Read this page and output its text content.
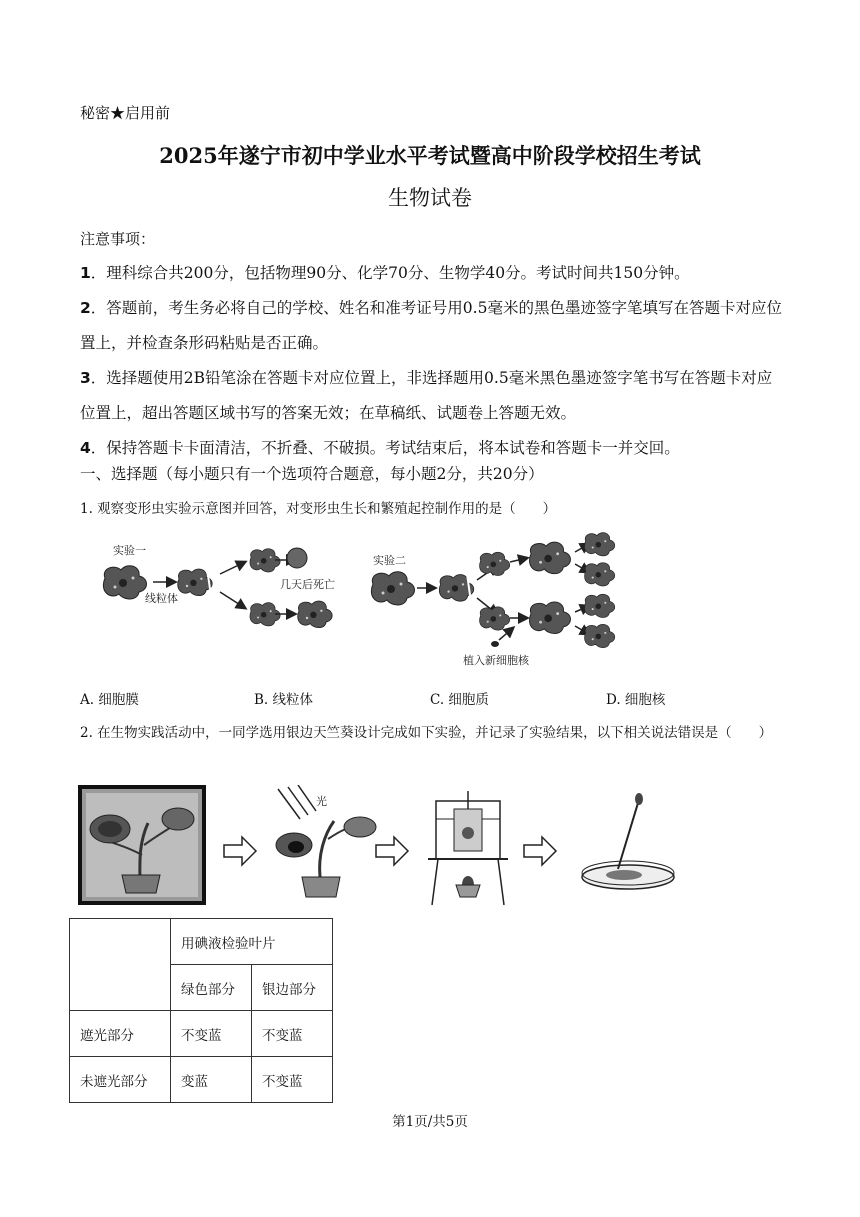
秘密★启用前
2025年遂宁市初中学业水平考试暨高中阶段学校招生考试
生物试卷
注意事项：
1．理科综合共200分，包括物理90分、化学70分、生物学40分。考试时间共150分钟。
2．答题前，考生务必将自己的学校、姓名和准考证号用0.5毫米的黑色墨迹签字笔填写在答题卡对应位置上，并检查条形码粘贴是否正确。
3．选择题使用2B铅笔涂在答题卡对应位置上，非选择题用0.5毫米黑色墨迹签字笔书写在答题卡对应位置上，超出答题区域书写的答案无效；在草稿纸、试题卷上答题无效。
4．保持答题卡卡面清洁，不折叠、不破损。考试结束后，将本试卷和答题卡一并交回。
一、选择题（每小题只有一个选项符合题意，每小题2分，共20分）
1. 观察变形虫实验示意图并回答，对变形虫生长和繁殖起控制作用的是（　　）
实验一
线粒体
几天后死亡
实验二
植入新细胞核
A. 细胞膜	B. 线粒体	C. 细胞质	D. 细胞核
2. 在生物实践活动中，一同学选用银边天竺葵设计完成如下实验，并记录了实验结果，以下相关说法错误是（　　）
光
	用碘液检验叶片	
	绿色部分	银边部分
遮光部分	不变蓝	不变蓝
未遮光部分	变蓝	不变蓝
第1页/共5页
